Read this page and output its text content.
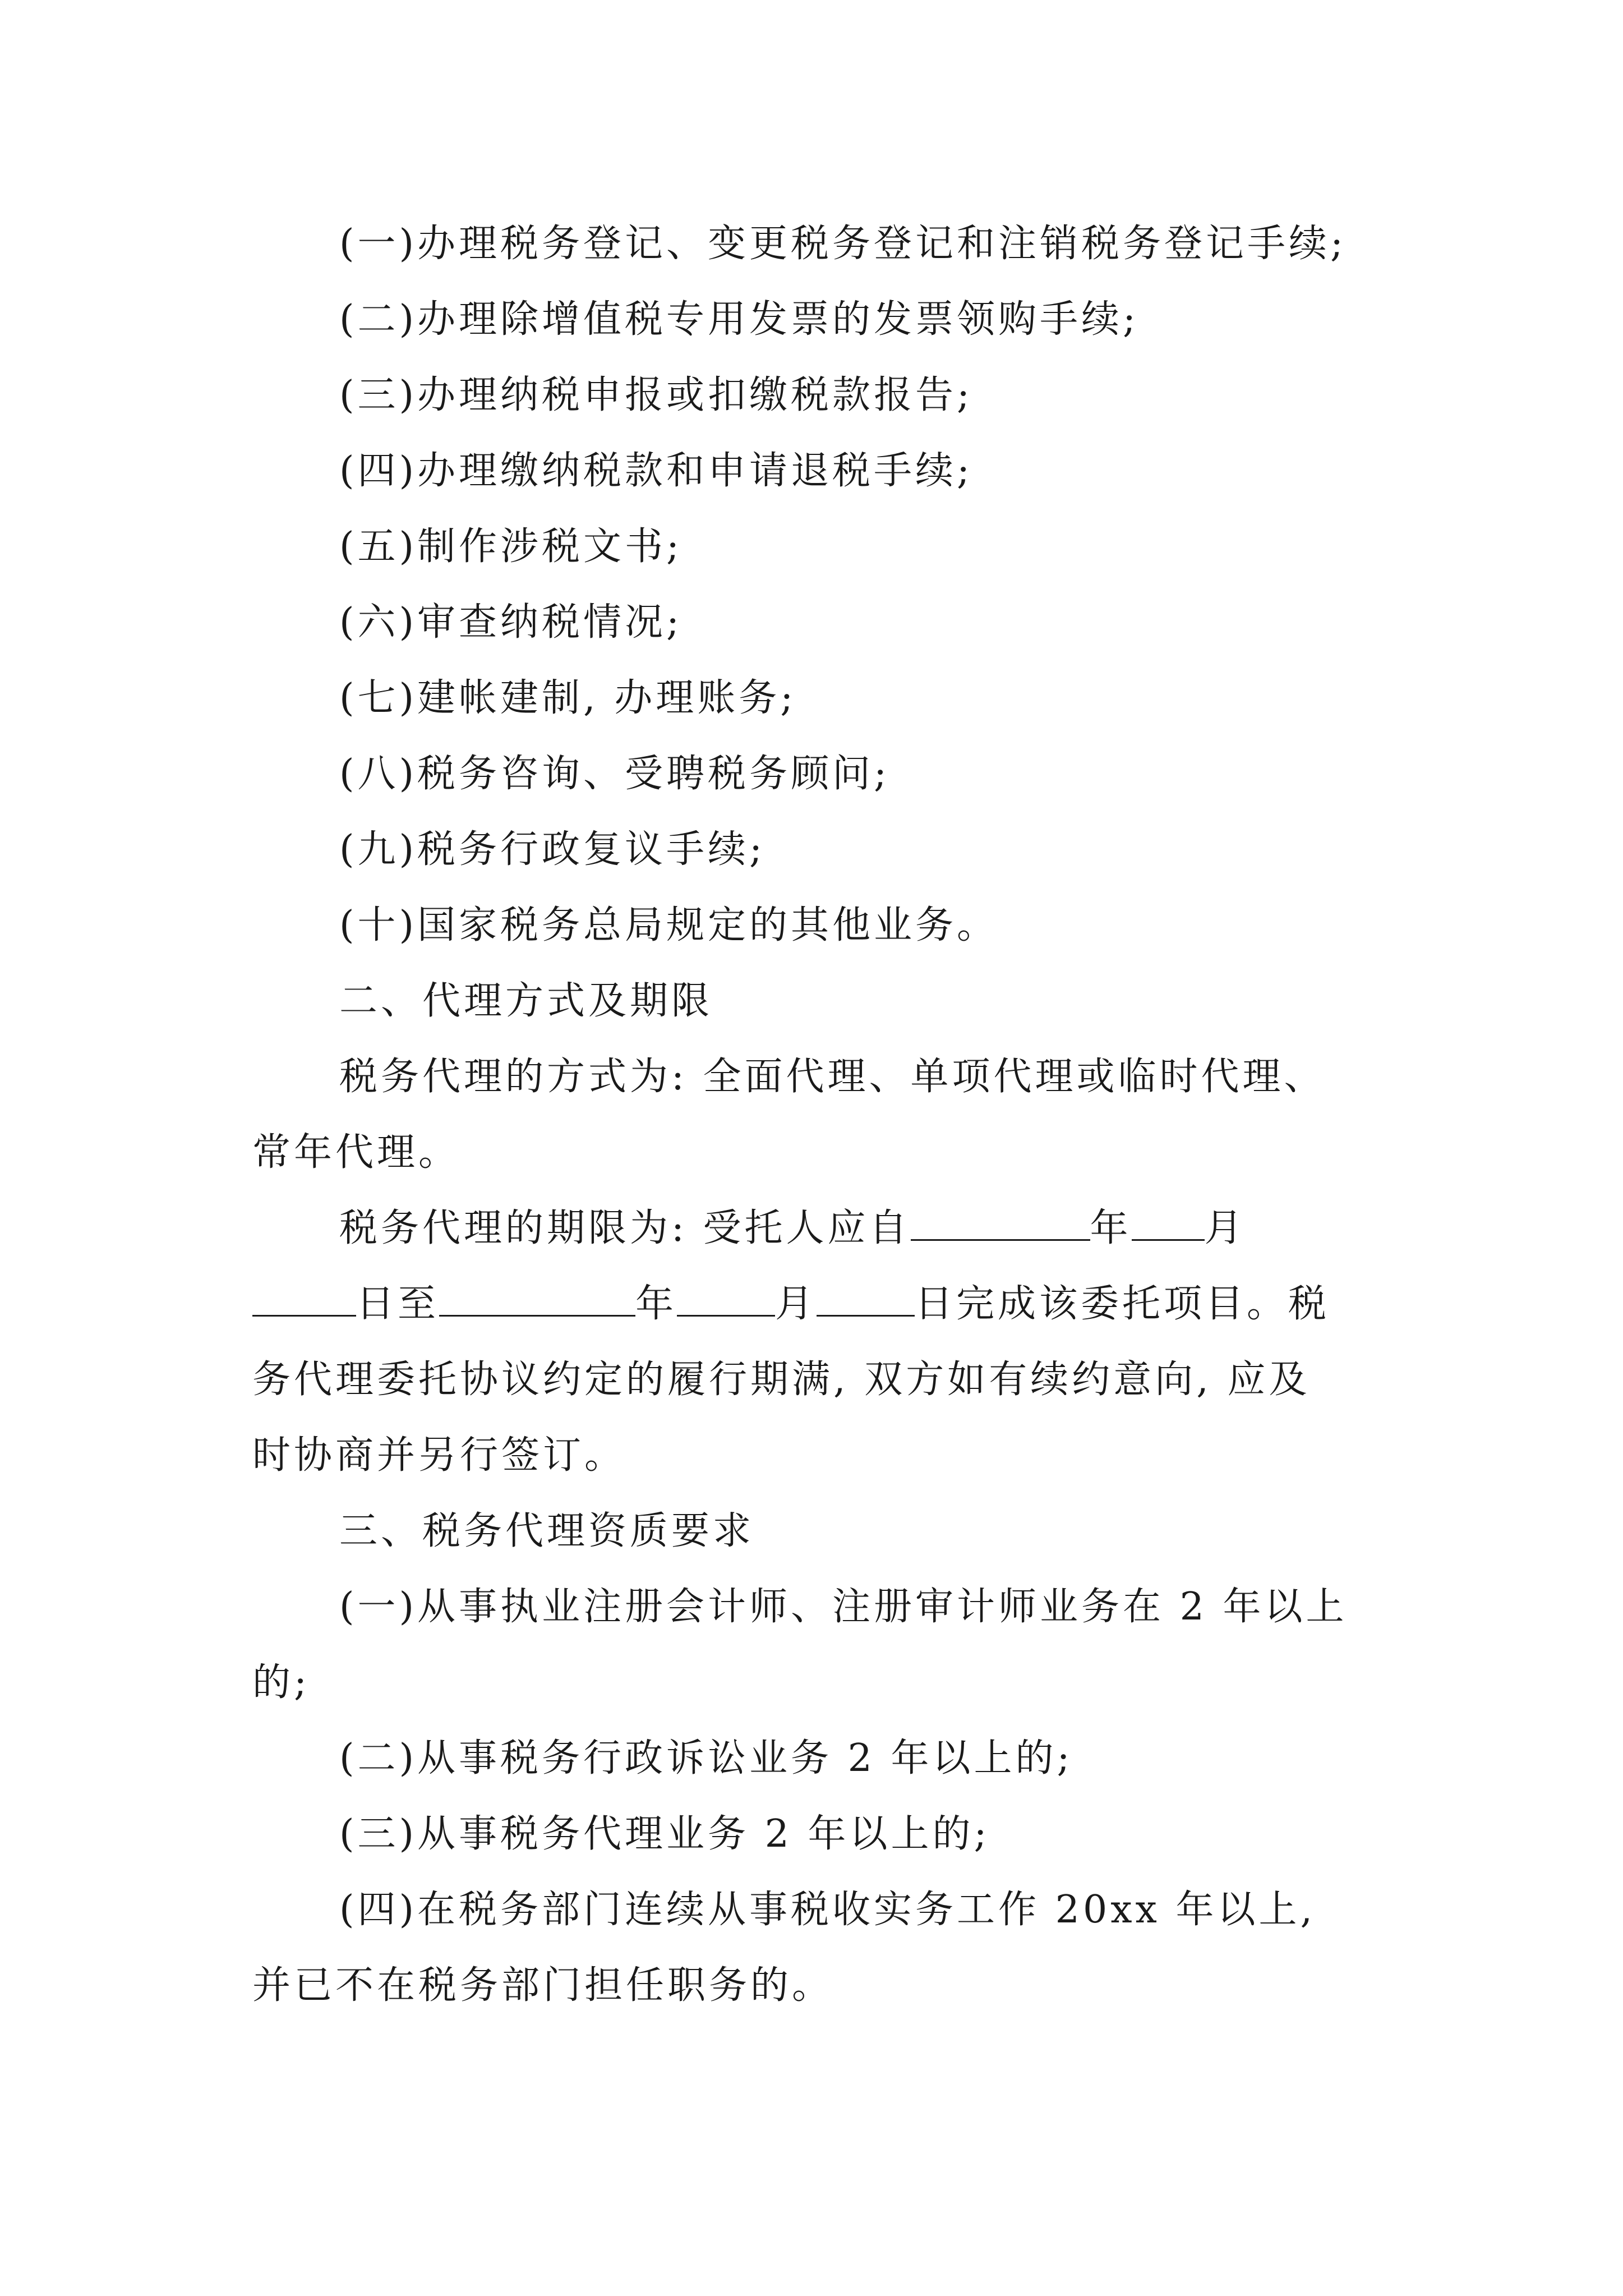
(一)办理税务登记、变更税务登记和注销税务登记手续;
(二)办理除增值税专用发票的发票领购手续;
(三)办理纳税申报或扣缴税款报告;
(四)办理缴纳税款和申请退税手续;
(五)制作涉税文书;
(六)审查纳税情况;
(七)建帐建制, 办理账务;
(八)税务咨询、受聘税务顾问;
(九)税务行政复议手续;
(十)国家税务总局规定的其他业务。
二、代理方式及期限
税务代理的方式为: 全面代理、单项代理或临时代理、
常年代理。
税务代理的期限为: 受托人应自	年 月
日至	年	月	日完成该委托项目。税
务代理委托协议约定的履行期满, 双方如有续约意向, 应及
时协商并另行签订。
三、税务代理资质要求
(一)从事执业注册会计师、注册审计师业务在 2 年以上
的;
(二)从事税务行政诉讼业务 2 年以上的;
(三)从事税务代理业务 2 年以上的;
(四)在税务部门连续从事税收实务工作 20xx 年以上,
并已不在税务部门担任职务的。
